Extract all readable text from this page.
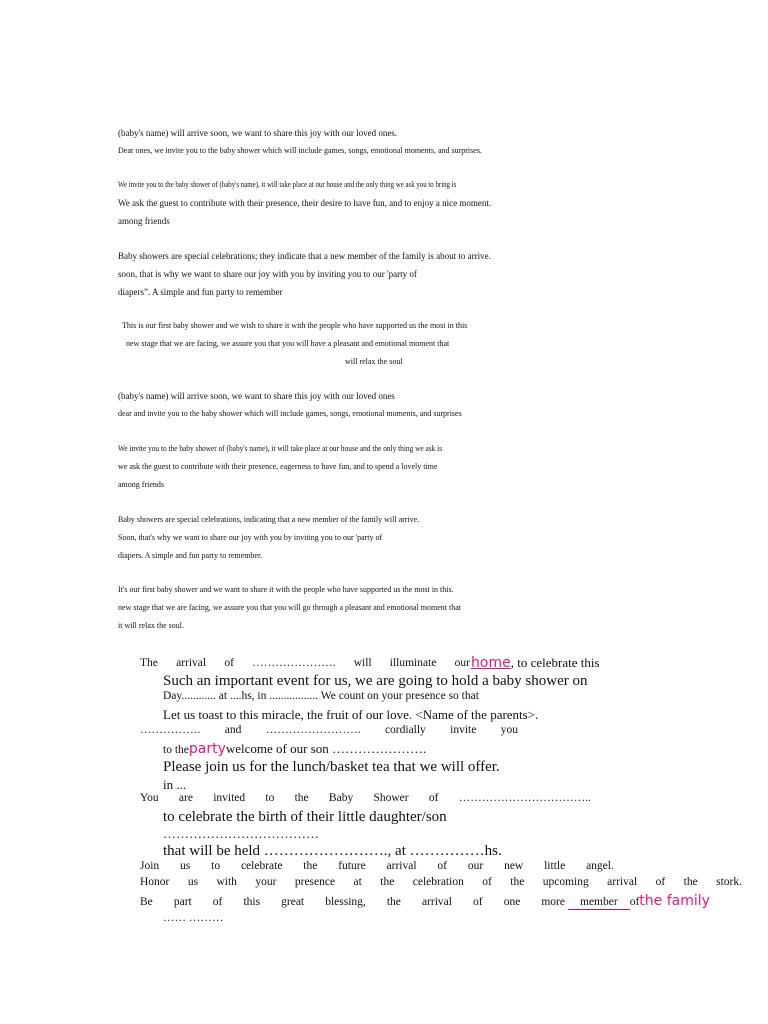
(baby's name) will arrive soon, we want to share this joy with our loved ones.
Dear ones, we invite you to the baby shower which will include games, songs, emotional moments, and surprises.
We invite you to the baby shower of (baby's name), it will take place at our house and the only thing we ask you to bring is
We ask the guest to contribute with their presence, their desire to have fun, and to enjoy a nice moment.
among friends
Baby showers are special celebrations; they indicate that a new member of the family is about to arrive.
soon, that is why we want to share our joy with you by inviting you to our 'party of
diapers”. A simple and fun party to remember
This is our first baby shower and we wish to share it with the people who have supported us the most in this
new stage that we are facing, we assure you that you will have a pleasant and emotional moment that
will relax the soul
(baby's name) will arrive soon, we want to share this joy with our loved ones
dear and invite you to the baby shower which will include games, songs, emotional moments, and surprises
We invite you to the baby shower of (baby's name), it will take place at our house and the only thing we ask is
we ask the guest to contribute with their presence, eagerness to have fun, and to spend a lovely time
among friends
Baby showers are special celebrations, indicating that a new member of the family will arrive.
Soon, that's why we want to share our joy with you by inviting you to our 'party of
diapers. A simple and fun party to remember.
It's our first baby shower and we want to share it with the people who have supported us the most in this.
new stage that we are facing, we assure you that you will go through a pleasant and emotional moment that
it will relax the soul.
The arrival of …………………. will illuminate our home, to celebrate this
Such an important event for us, we are going to hold a baby shower on
Day............ at ....hs, in ................. We count on your presence so that
Let us toast to this miracle, the fruit of our love. <Name of the parents>.
……………. and ……………………. cordially invite you
to thepartywelcome of our son ………………….
Please join us for the lunch/basket tea that we will offer.
in ...
You are invited to the Baby Shower of ……………………………..
to celebrate the birth of their little daughter/son
………………………………
that will be held ……………………., at ……………hs.
Join us to celebrate the future arrival of our new little angel.
Honor us with your presence at the celebration of the upcoming arrival of the stork.
Be part of this great blessing, the arrival of one more	member ofthe family
…… ………
